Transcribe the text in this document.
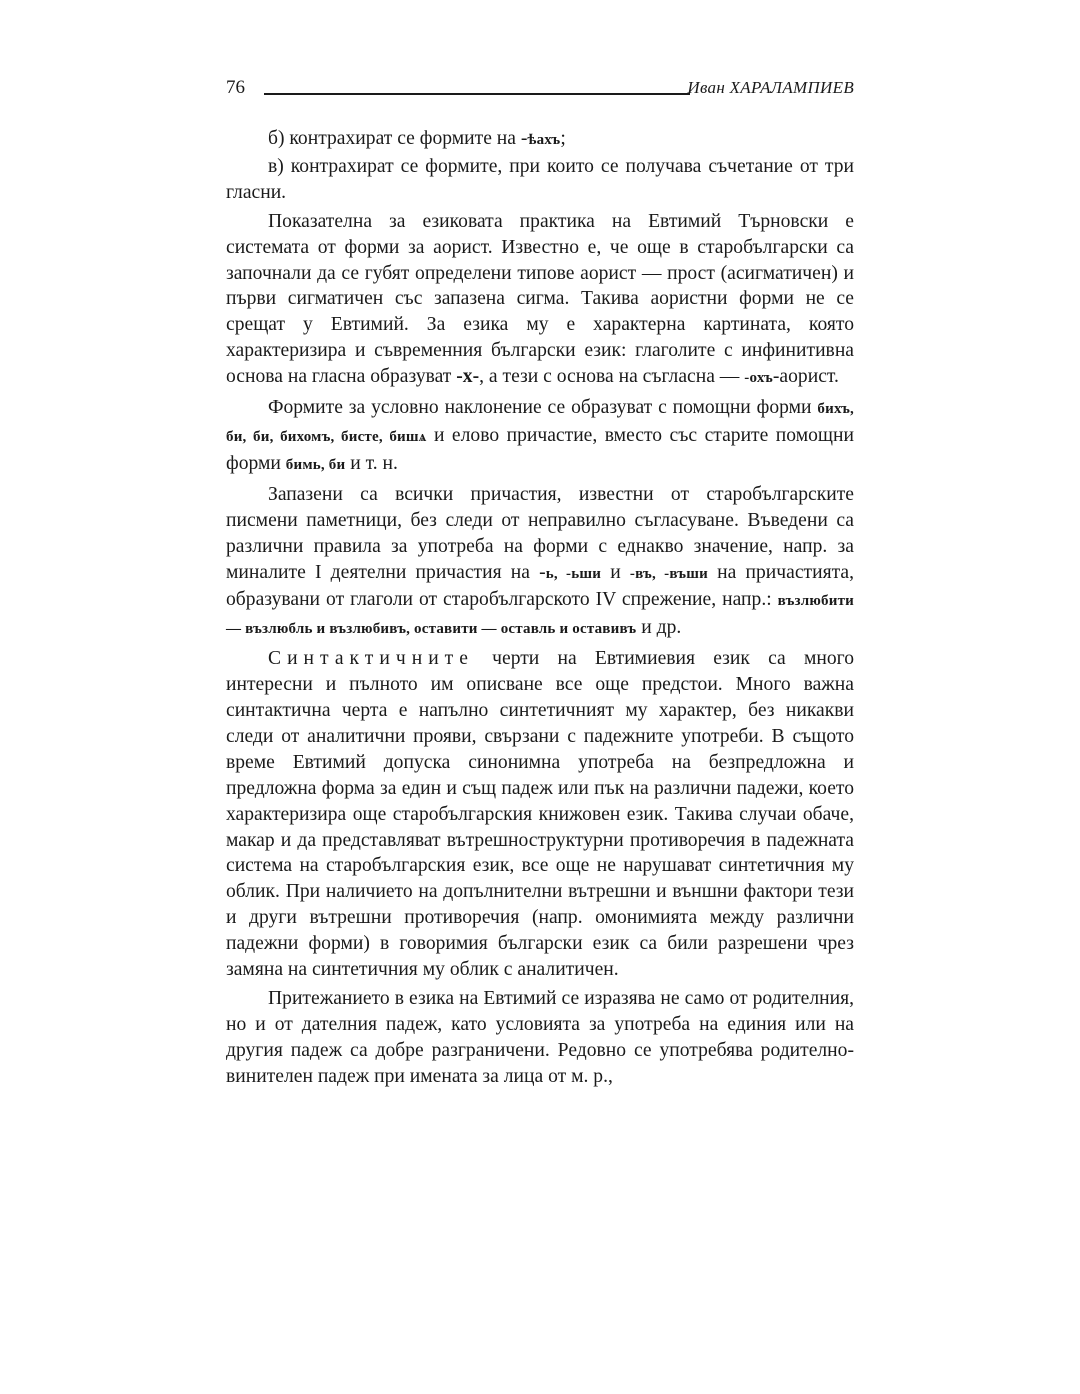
76	Иван ХАРАЛАМПИЕВ

б) контрахират се формите на -ѣахъ;

в) контрахират се формите, при които се получава съчетание от три гласни.

Показателна за езиковата практика на Евтимий Търновски е системата от форми за аорист. Известно е, че още в старобългарски са започнали да се губят определени типове аорист — прост (асигматичен) и първи сигматичен със запазена сигма. Такива аористни форми не се срещат у Евтимий. За езика му е характерна картината, която характеризира и съвременния български език: глаголите с инфинитивна основа на гласна образуват -х-, а тези с основа на съгласна — -охъ-аорист.

Формите за условно наклонение се образуват с помощни форми бихъ, би, би, бихомъ, бисте, бишѧ и елово причастие, вместо със старите помощни форми бимь, би и т. н.

Запазени са всички причастия, известни от старобългарските писмени паметници, без следи от неправилно съгласуване. Въведени са различни правила за употреба на форми с еднакво значение, напр. за миналите I деятелни причастия на -ь, -ьши и -въ, -въши на причастията, образувани от глаголи от старобългарското IV спрежение, напр.: възлюбити — възлюбль и възлюбивъ, оставити — оставль и оставивъ и др.

Синтактичните черти на Евтимиевия език са много интересни и пълното им описване все още предстои. Много важна синтактична черта е напълно синтетичният му характер, без никакви следи от аналитични прояви, свързани с падежните употреби. В същото време Евтимий допуска синонимна употреба на безпредложна и предложна форма за един и същ падеж или пък на различни падежи, което характеризира още старобългарския книжовен език. Такива случаи обаче, макар и да представляват вътрешноструктурни противоречия в падежната система на старобългарския език, все още не нарушават синтетичния му облик. При наличието на допълнителни вътрешни и външни фактори тези и други вътрешни противоречия (напр. омонимията между различни падежни форми) в говоримия български език са били разрешени чрез замяна на синтетичния му облик с аналитичен.

Притежанието в езика на Евтимий се изразява не само от родителния, но и от дателния падеж, като условията за употреба на единия или на другия падеж са добре разграничени. Редовно се употребява родително-винителен падеж при имената за лица от м. р.,
